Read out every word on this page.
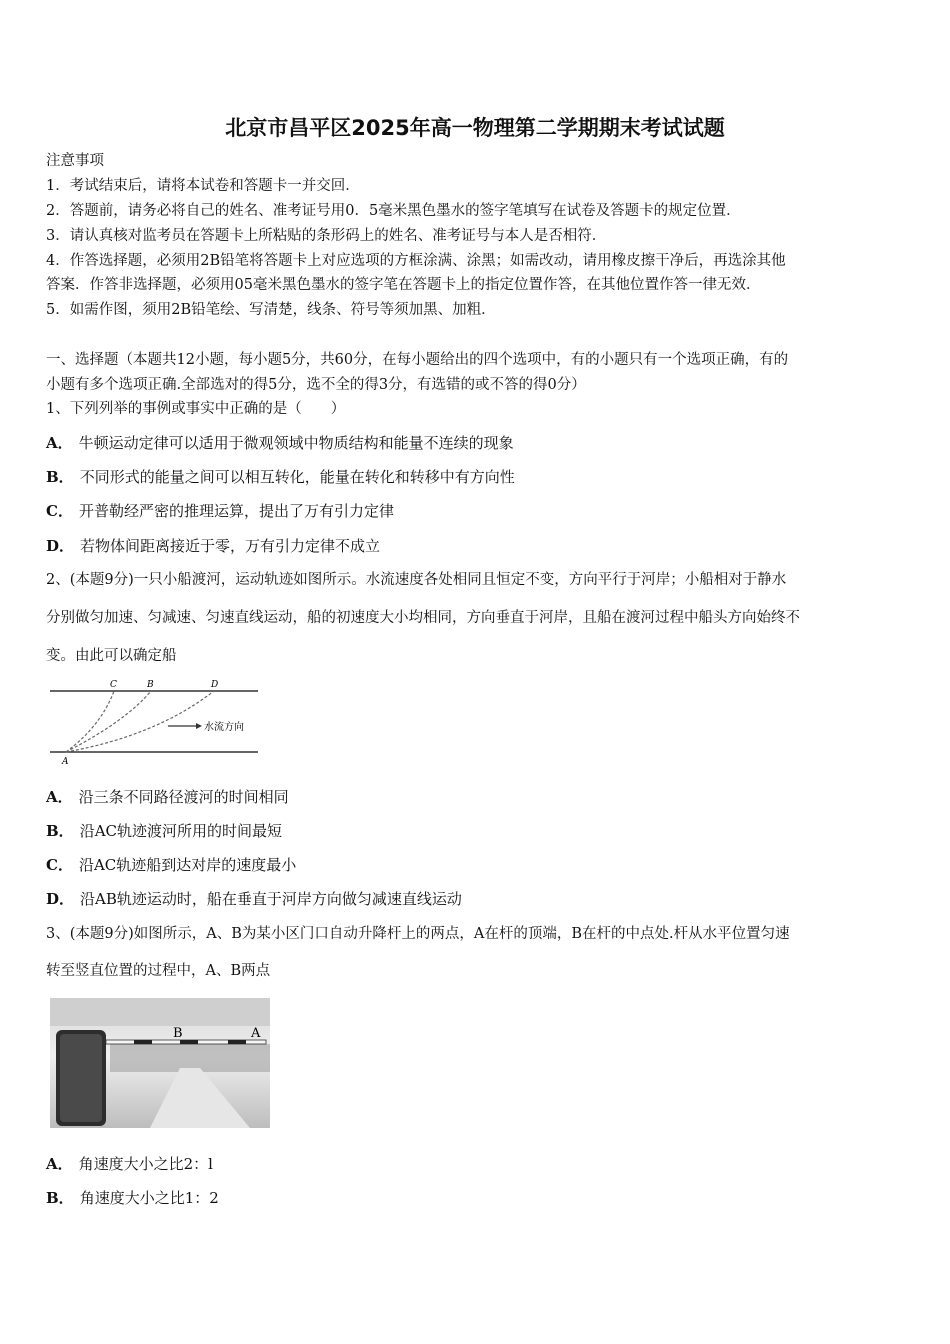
北京市昌平区2025年高一物理第二学期期末考试试题
注意事项
1．考试结束后，请将本试卷和答题卡一并交回．
2．答题前，请务必将自己的姓名、准考证号用0．5毫米黑色墨水的签字笔填写在试卷及答题卡的规定位置．
3．请认真核对监考员在答题卡上所粘贴的条形码上的姓名、准考证号与本人是否相符．
4．作答选择题，必须用2B铅笔将答题卡上对应选项的方框涂满、涂黑；如需改动，请用橡皮擦干净后，再选涂其他
答案．作答非选择题，必须用05毫米黑色墨水的签字笔在答题卡上的指定位置作答，在其他位置作答一律无效．
5．如需作图，须用2B铅笔绘、写清楚，线条、符号等须加黑、加粗．
一、选择题（本题共12小题，每小题5分，共60分，在每小题给出的四个选项中，有的小题只有一个选项正确，有的
小题有多个选项正确.全部选对的得5分，选不全的得3分，有选错的或不答的得0分）
1、下列列举的事例或事实中正确的是（　　）
A． 牛顿运动定律可以适用于微观领域中物质结构和能量不连续的现象
B． 不同形式的能量之间可以相互转化，能量在转化和转移中有方向性
C． 开普勒经严密的推理运算，提出了万有引力定律
D． 若物体间距离接近于零，万有引力定律不成立
2、(本题9分)一只小船渡河，运动轨迹如图所示。水流速度各处相同且恒定不变，方向平行于河岸；小船相对于静水
分别做匀加速、匀减速、匀速直线运动，船的初速度大小均相同，方向垂直于河岸，且船在渡河过程中船头方向始终不
变。由此可以确定船
C	B	D
A
水流方向
A． 沿三条不同路径渡河的时间相同
B． 沿AC轨迹渡河所用的时间最短
C． 沿AC轨迹船到达对岸的速度最小
D． 沿AB轨迹运动时，船在垂直于河岸方向做匀减速直线运动
3、(本题9分)如图所示，A、B为某小区门口自动升降杆上的两点，A在杆的顶端，B在杆的中点处.杆从水平位置匀速
转至竖直位置的过程中，A、B两点
B	A
A． 角速度大小之比2：l
B． 角速度大小之比1：2
